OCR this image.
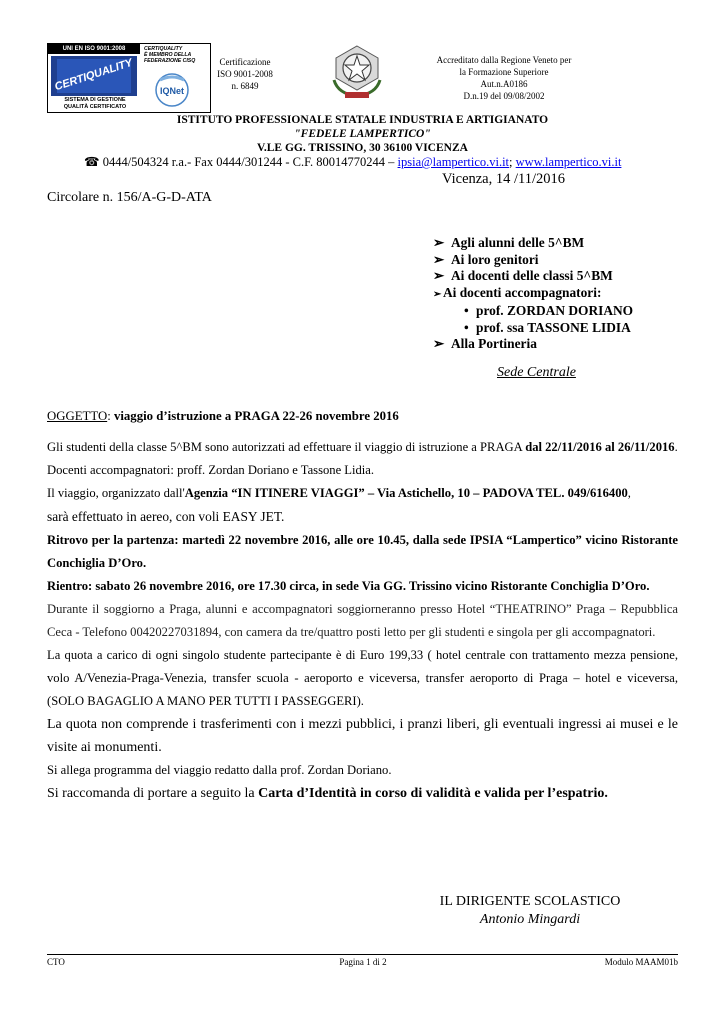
UNI EN ISO 9001:2008
CERTIQUALITY
SISTEMA DI GESTIONE
QUALITÀ CERTIFICATO
CERTIQUALITY
È MEMBRO DELLA
FEDERAZIONE CISQ
IQNet
Certificazione
ISO 9001-2008
n. 6849
Accreditato dalla Regione Veneto per
la Formazione Superiore
Aut.n.A0186
D.n.19 del 09/08/2002
ISTITUTO PROFESSIONALE STATALE INDUSTRIA E ARTIGIANATO
"FEDELE LAMPERTICO"
V.LE GG. TRISSINO, 30 36100 VICENZA
☎ 0444/504324 r.a.- Fax 0444/301244 - C.F. 80014770244 – ipsia@lampertico.vi.it; www.lampertico.vi.it
Vicenza, 14 /11/2016
Circolare n. 156/A-G-D-ATA
➢ Agli alunni delle 5^BM
➢ Ai loro genitori
➢ Ai docenti delle classi 5^BM
➢ Ai docenti accompagnatori:
• prof. ZORDAN DORIANO
• prof. ssa TASSONE LIDIA
➢ Alla Portineria
Sede Centrale
OGGETTO: viaggio d’istruzione a PRAGA 22-26 novembre 2016
Gli studenti della classe 5^BM sono autorizzati ad effettuare il viaggio di istruzione a PRAGA dal 22/11/2016 al 26/11/2016.
Docenti accompagnatori: proff. Zordan Doriano e Tassone Lidia.
Il viaggio, organizzato dall'Agenzia “IN ITINERE VIAGGI” – Via Astichello, 10 – PADOVA TEL. 049/616400,
sarà effettuato in aereo, con voli EASY JET.
Ritrovo per la partenza: martedì 22 novembre 2016, alle ore 10.45, dalla sede IPSIA “Lampertico” vicino Ristorante Conchiglia D’Oro.
Rientro: sabato 26 novembre 2016, ore 17.30 circa, in sede Via GG. Trissino vicino Ristorante Conchiglia D’Oro.
Durante il soggiorno a Praga, alunni e accompagnatori soggiorneranno presso Hotel “THEATRINO” Praga – Repubblica Ceca - Telefono 00420227031894, con camera da tre/quattro posti letto per gli studenti e singola per gli accompagnatori.
La quota a carico di ogni singolo studente partecipante è di Euro 199,33 ( hotel centrale con trattamento mezza pensione, volo A/Venezia-Praga-Venezia, transfer scuola - aeroporto e viceversa, transfer aeroporto di Praga – hotel e viceversa, (SOLO BAGAGLIO A MANO PER TUTTI I PASSEGGERI).
La quota non comprende i trasferimenti con i mezzi pubblici, i pranzi liberi, gli eventuali ingressi ai musei e le visite ai monumenti.
Si allega programma del viaggio redatto dalla prof. Zordan Doriano.
Si raccomanda di portare a seguito la Carta d’Identità in corso di validità e valida per l’espatrio.
IL DIRIGENTE SCOLASTICO
Antonio Mingardi
CTO	Pagina 1 di 2	Modulo MAAM01b
